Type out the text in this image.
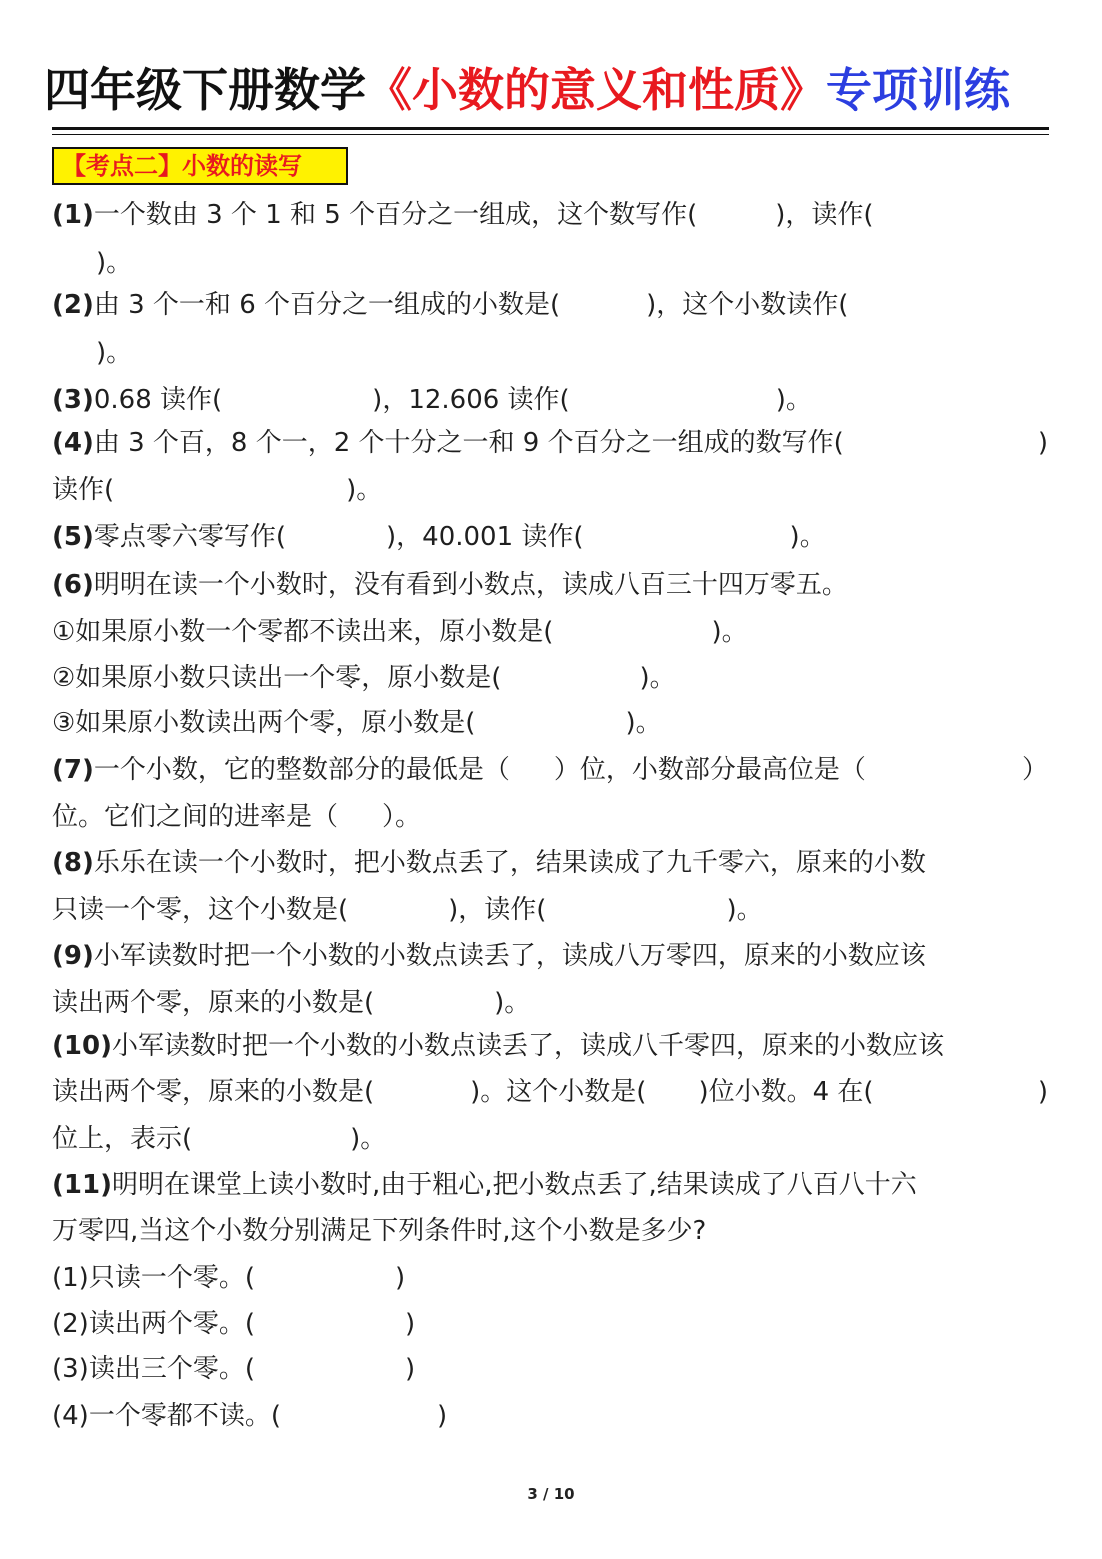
四年级下册数学《小数的意义和性质》专项训练
【考点二】小数的读写
(1)一个数由 3 个 1 和 5 个百分之一组成，这个数写作(	)，读作(
)。
(2)由 3 个一和 6 个百分之一组成的小数是(	)，这个小数读作(
)。
(3)0.68 读作(	)，12.606 读作(	)。
(4)由 3 个百，8 个一，2 个十分之一和 9 个百分之一组成的数写作(	)
读作(	)。
(5)零点零六零写作(	)，40.001 读作(	)。
(6)明明在读一个小数时，没有看到小数点，读成八百三十四万零五。
①如果原小数一个零都不读出来，原小数是(	)。
②如果原小数只读出一个零，原小数是(	)。
③如果原小数读出两个零，原小数是(	)。
(7)一个小数，它的整数部分的最低是（ ）位，小数部分最高位是（	）
位。它们之间的进率是（ ）。
(8)乐乐在读一个小数时，把小数点丢了，结果读成了九千零六，原来的小数
只读一个零，这个小数是(	)，读作(	)。
(9)小军读数时把一个小数的小数点读丢了，读成八万零四，原来的小数应该
读出两个零，原来的小数是(	)。
(10)小军读数时把一个小数的小数点读丢了，读成八千零四，原来的小数应该
读出两个零，原来的小数是(	)。这个小数是( )位小数。4 在(	)
位上，表示(	)。
(11)明明在课堂上读小数时,由于粗心,把小数点丢了,结果读成了八百八十六
万零四,当这个小数分别满足下列条件时,这个小数是多少?
(1)只读一个零。(	)
(2)读出两个零。(	)
(3)读出三个零。(	)
(4)一个零都不读。(	)
3 / 10
